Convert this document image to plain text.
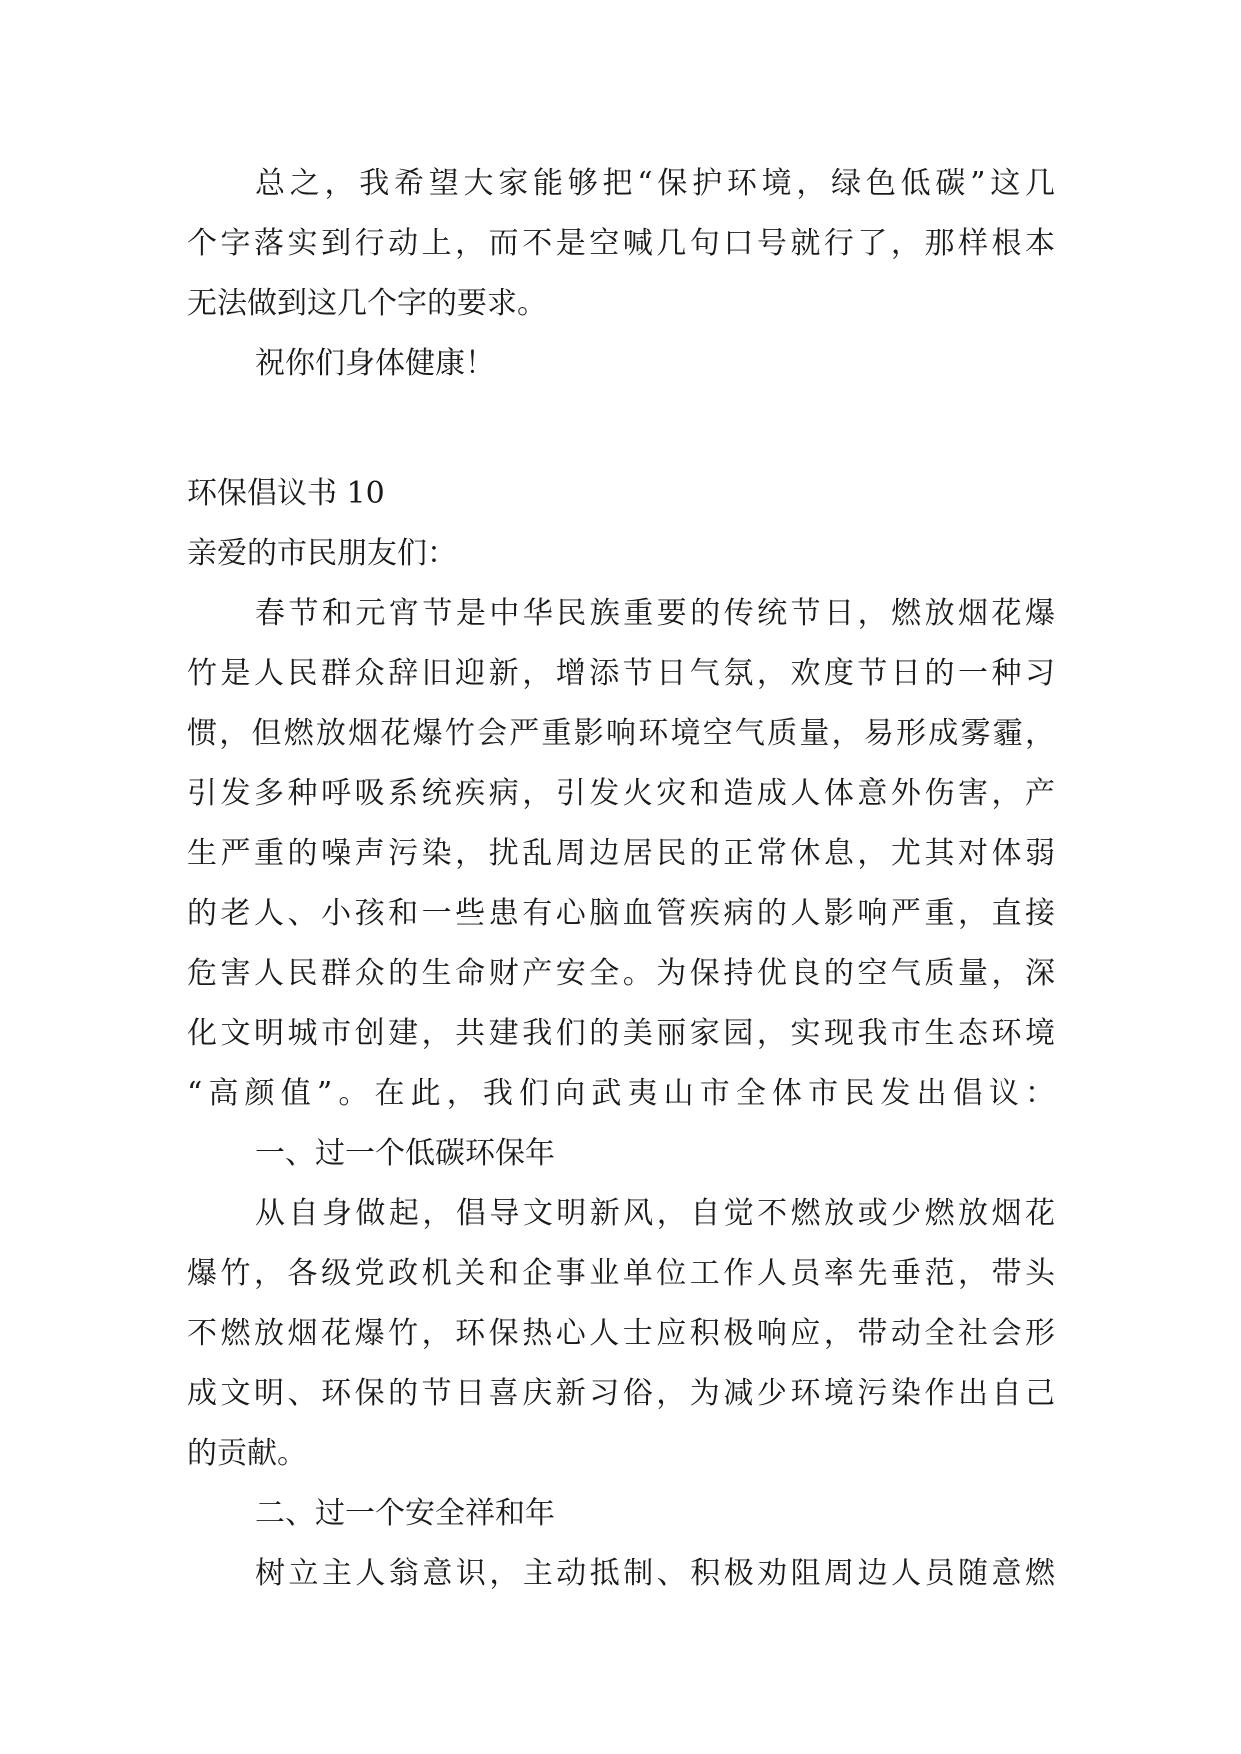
总之，我希望大家能够把“保护环境，绿色低碳”这几
个字落实到行动上，而不是空喊几句口号就行了，那样根本
无法做到这几个字的要求。
祝你们身体健康！
环保倡议书 10
亲爱的市民朋友们：
春节和元宵节是中华民族重要的传统节日，燃放烟花爆
竹是人民群众辞旧迎新，增添节日气氛，欢度节日的一种习
惯，但燃放烟花爆竹会严重影响环境空气质量，易形成雾霾，
引发多种呼吸系统疾病，引发火灾和造成人体意外伤害，产
生严重的噪声污染，扰乱周边居民的正常休息，尤其对体弱
的老人、小孩和一些患有心脑血管疾病的人影响严重，直接
危害人民群众的生命财产安全。为保持优良的空气质量，深
化文明城市创建，共建我们的美丽家园，实现我市生态环境
“高颜值”。在此，我们向武夷山市全体市民发出倡议：
一、过一个低碳环保年
从自身做起，倡导文明新风，自觉不燃放或少燃放烟花
爆竹，各级党政机关和企事业单位工作人员率先垂范，带头
不燃放烟花爆竹，环保热心人士应积极响应，带动全社会形
成文明、环保的节日喜庆新习俗，为减少环境污染作出自己
的贡献。
二、过一个安全祥和年
树立主人翁意识，主动抵制、积极劝阻周边人员随意燃
